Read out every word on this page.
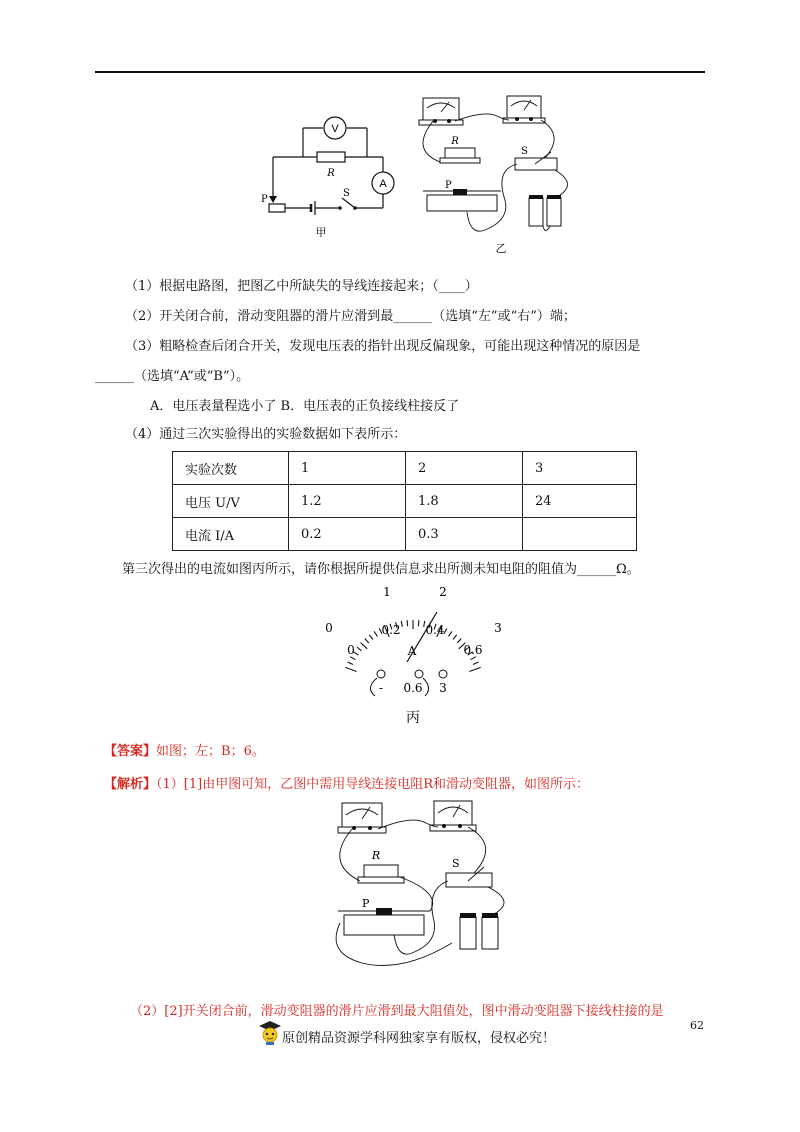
V
A
R
P
S
甲
R
P
S
乙
（1）根据电路图，把图乙中所缺失的导线连接起来；（____）
（2）开关闭合前，滑动变阻器的滑片应滑到最______（选填“左”或“右”）端；
（3）粗略检查后闭合开关，发现电压表的指针出现反偏现象，可能出现这种情况的原因是
______（选填“A”或“B”）。
A．电压表量程选小了 B．电压表的正负接线柱接反了
（4）通过三次实验得出的实验数据如下表所示：
实验次数	1	2	3
电压 U/V	1.2	1.8	24
电流 I/A	0.2	0.3	
第三次得出的电流如图丙所示，请你根据所提供信息求出所测未知电阻的阻值为______Ω。
0
1	2
3
0
0.2 0.4
0.6
A
- 0.6 3
丙
【答案】如图；左；B；6。
【解析】（1）[1]由甲图可知，乙图中需用导线连接电阻R和滑动变阻器，如图所示：
R
P
S
（2）[2]开关闭合前，滑动变阻器的滑片应滑到最大阻值处，图中滑动变阻器下接线柱接的是
62
原创精品资源学科网独家享有版权，侵权必究！
